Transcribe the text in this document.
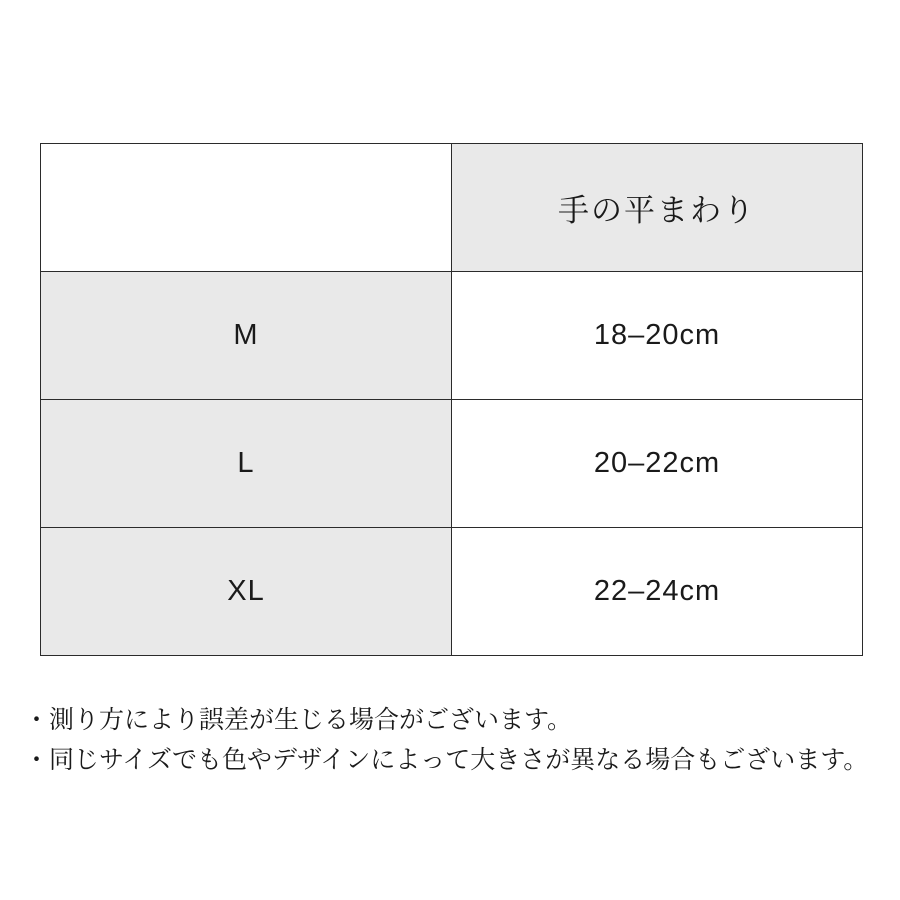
	手の平まわり
M	18–20cm
L	20–22cm
XL	22–24cm
・測り方により誤差が生じる場合がございます。
・同じサイズでも色やデザインによって大きさが異なる場合もございます。
